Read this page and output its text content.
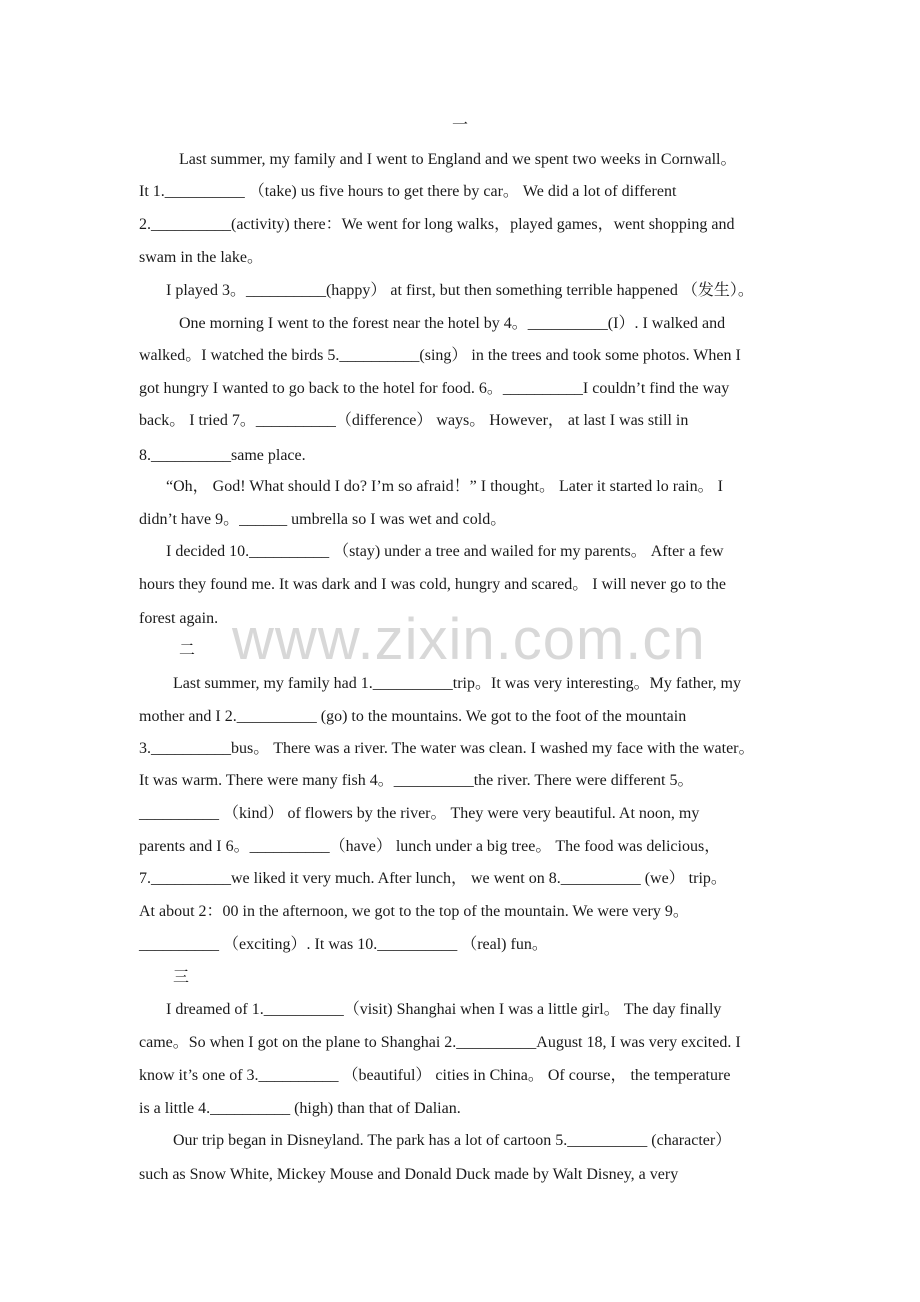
www.zixin.com.cn
一
Last summer, my family and I went to England and we spent two weeks in Cornwall。
It 1.__________ （take) us five hours to get there by car。 We did a lot of different
2.__________(activity) there：We went for long walks，played games，went shopping and
swam in the lake。
I played 3。__________(happy） at first, but then something terrible happened （发生）。
One morning I went to the forest near the hotel by 4。__________(I）. I walked and
walked。I watched the birds 5.__________(sing） in the trees and took some photos. When I
got hungry I wanted to go back to the hotel for food. 6。__________I couldn’t find the way
back。 I tried 7。__________（difference） ways。 However， at last I was still in
8.__________same place.
“Oh， God! What should I do? I’m so afraid！” I thought。 Later it started lo rain。 I
didn’t have 9。______ umbrella so I was wet and cold。
I decided 10.__________ （stay) under a tree and wailed for my parents。 After a few
hours they found me. It was dark and I was cold, hungry and scared。 I will never go to the
forest again.
二
Last summer, my family had 1.__________trip。It was very interesting。My father, my
mother and I 2.__________ (go) to the mountains. We got to the foot of the mountain
3.__________bus。 There was a river. The water was clean. I washed my face with the water。
It was warm. There were many fish 4。__________the river. There were different 5。
__________ （kind） of flowers by the river。 They were very beautiful. At noon, my
parents and I 6。__________（have） lunch under a big tree。 The food was delicious，
7.__________we liked it very much. After lunch， we went on 8.__________ (we） trip。
At about 2：00 in the afternoon, we got to the top of the mountain. We were very 9。
__________ （exciting）. It was 10.__________ （real) fun。
三
I dreamed of 1.__________（visit) Shanghai when I was a little girl。 The day finally
came。So when I got on the plane to Shanghai 2.__________August 18, I was very excited. I
know it’s one of 3.__________ （beautiful） cities in China。 Of course， the temperature
is a little 4.__________ (high) than that of Dalian.
Our trip began in Disneyland. The park has a lot of cartoon 5.__________ (character）
such as Snow White, Mickey Mouse and Donald Duck made by Walt Disney, a very
